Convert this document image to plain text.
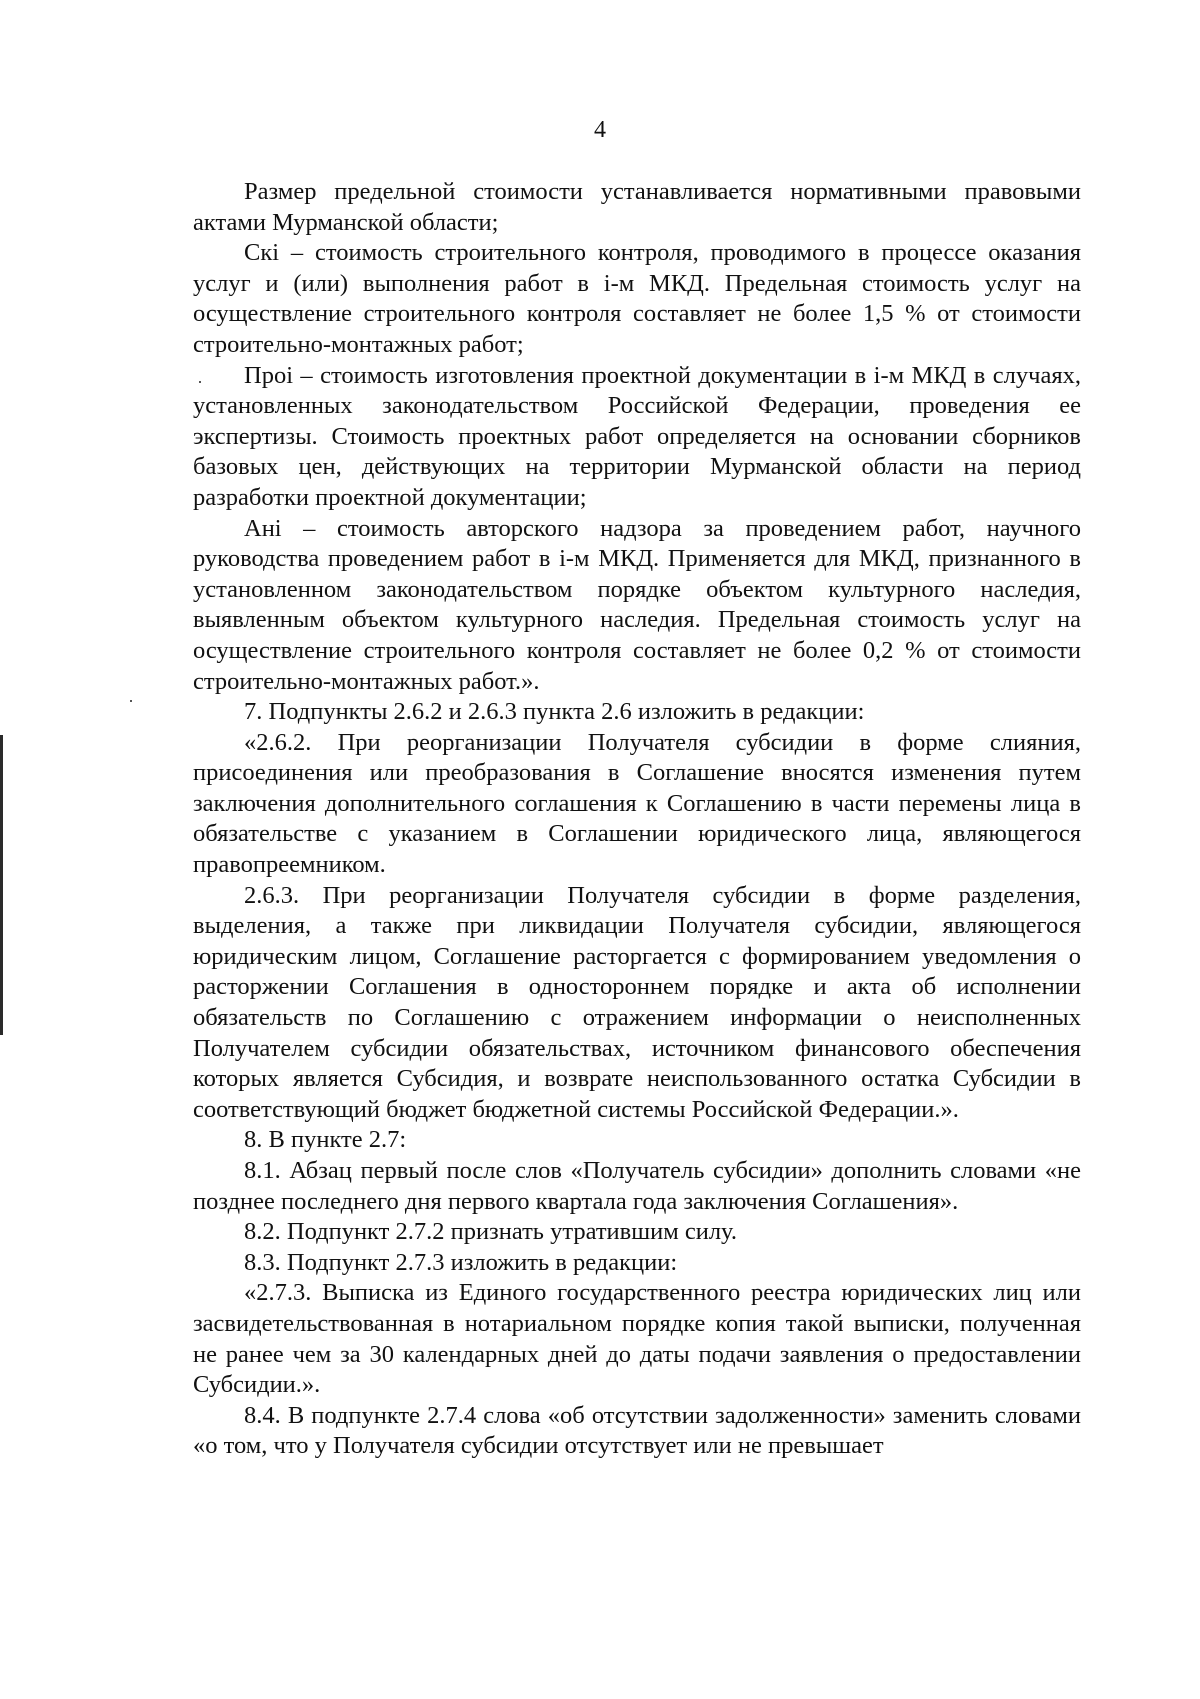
4

Размер предельной стоимости устанавливается нормативными правовыми актами Мурманской области;

Скі – стоимость строительного контроля, проводимого в процессе оказания услуг и (или) выполнения работ в і-м МКД. Предельная стоимость услуг на осуществление строительного контроля составляет не более 1,5 % от стоимости строительно-монтажных работ;

Проі – стоимость изготовления проектной документации в і-м МКД в случаях, установленных законодательством Российской Федерации, проведения ее экспертизы. Стоимость проектных работ определяется на основании сборников базовых цен, действующих на территории Мурманской области на период разработки проектной документации;

Ані – стоимость авторского надзора за проведением работ, научного руководства проведением работ в і-м МКД. Применяется для МКД, признанного в установленном законодательством порядке объектом культурного наследия, выявленным объектом культурного наследия. Предельная стоимость услуг на осуществление строительного контроля составляет не более 0,2 % от стоимости строительно-монтажных работ.».

7. Подпункты 2.6.2 и 2.6.3 пункта 2.6 изложить в редакции:

«2.6.2. При реорганизации Получателя субсидии в форме слияния, присоединения или преобразования в Соглашение вносятся изменения путем заключения дополнительного соглашения к Соглашению в части перемены лица в обязательстве с указанием в Соглашении юридического лица, являющегося правопреемником.

2.6.3. При реорганизации Получателя субсидии в форме разделения, выделения, а также при ликвидации Получателя субсидии, являющегося юридическим лицом, Соглашение расторгается с формированием уведомления о расторжении Соглашения в одностороннем порядке и акта об исполнении обязательств по Соглашению с отражением информации о неисполненных Получателем субсидии обязательствах, источником финансового обеспечения которых является Субсидия, и возврате неиспользованного остатка Субсидии в соответствующий бюджет бюджетной системы Российской Федерации.».

8. В пункте 2.7:

8.1. Абзац первый после слов «Получатель субсидии» дополнить словами «не позднее последнего дня первого квартала года заключения Соглашения».

8.2. Подпункт 2.7.2 признать утратившим силу.

8.3. Подпункт 2.7.3 изложить в редакции:

«2.7.3. Выписка из Единого государственного реестра юридических лиц или засвидетельствованная в нотариальном порядке копия такой выписки, полученная не ранее чем за 30 календарных дней до даты подачи заявления о предоставлении Субсидии.».

8.4. В подпункте 2.7.4 слова «об отсутствии задолженности» заменить словами «о том, что у Получателя субсидии отсутствует или не превышает
